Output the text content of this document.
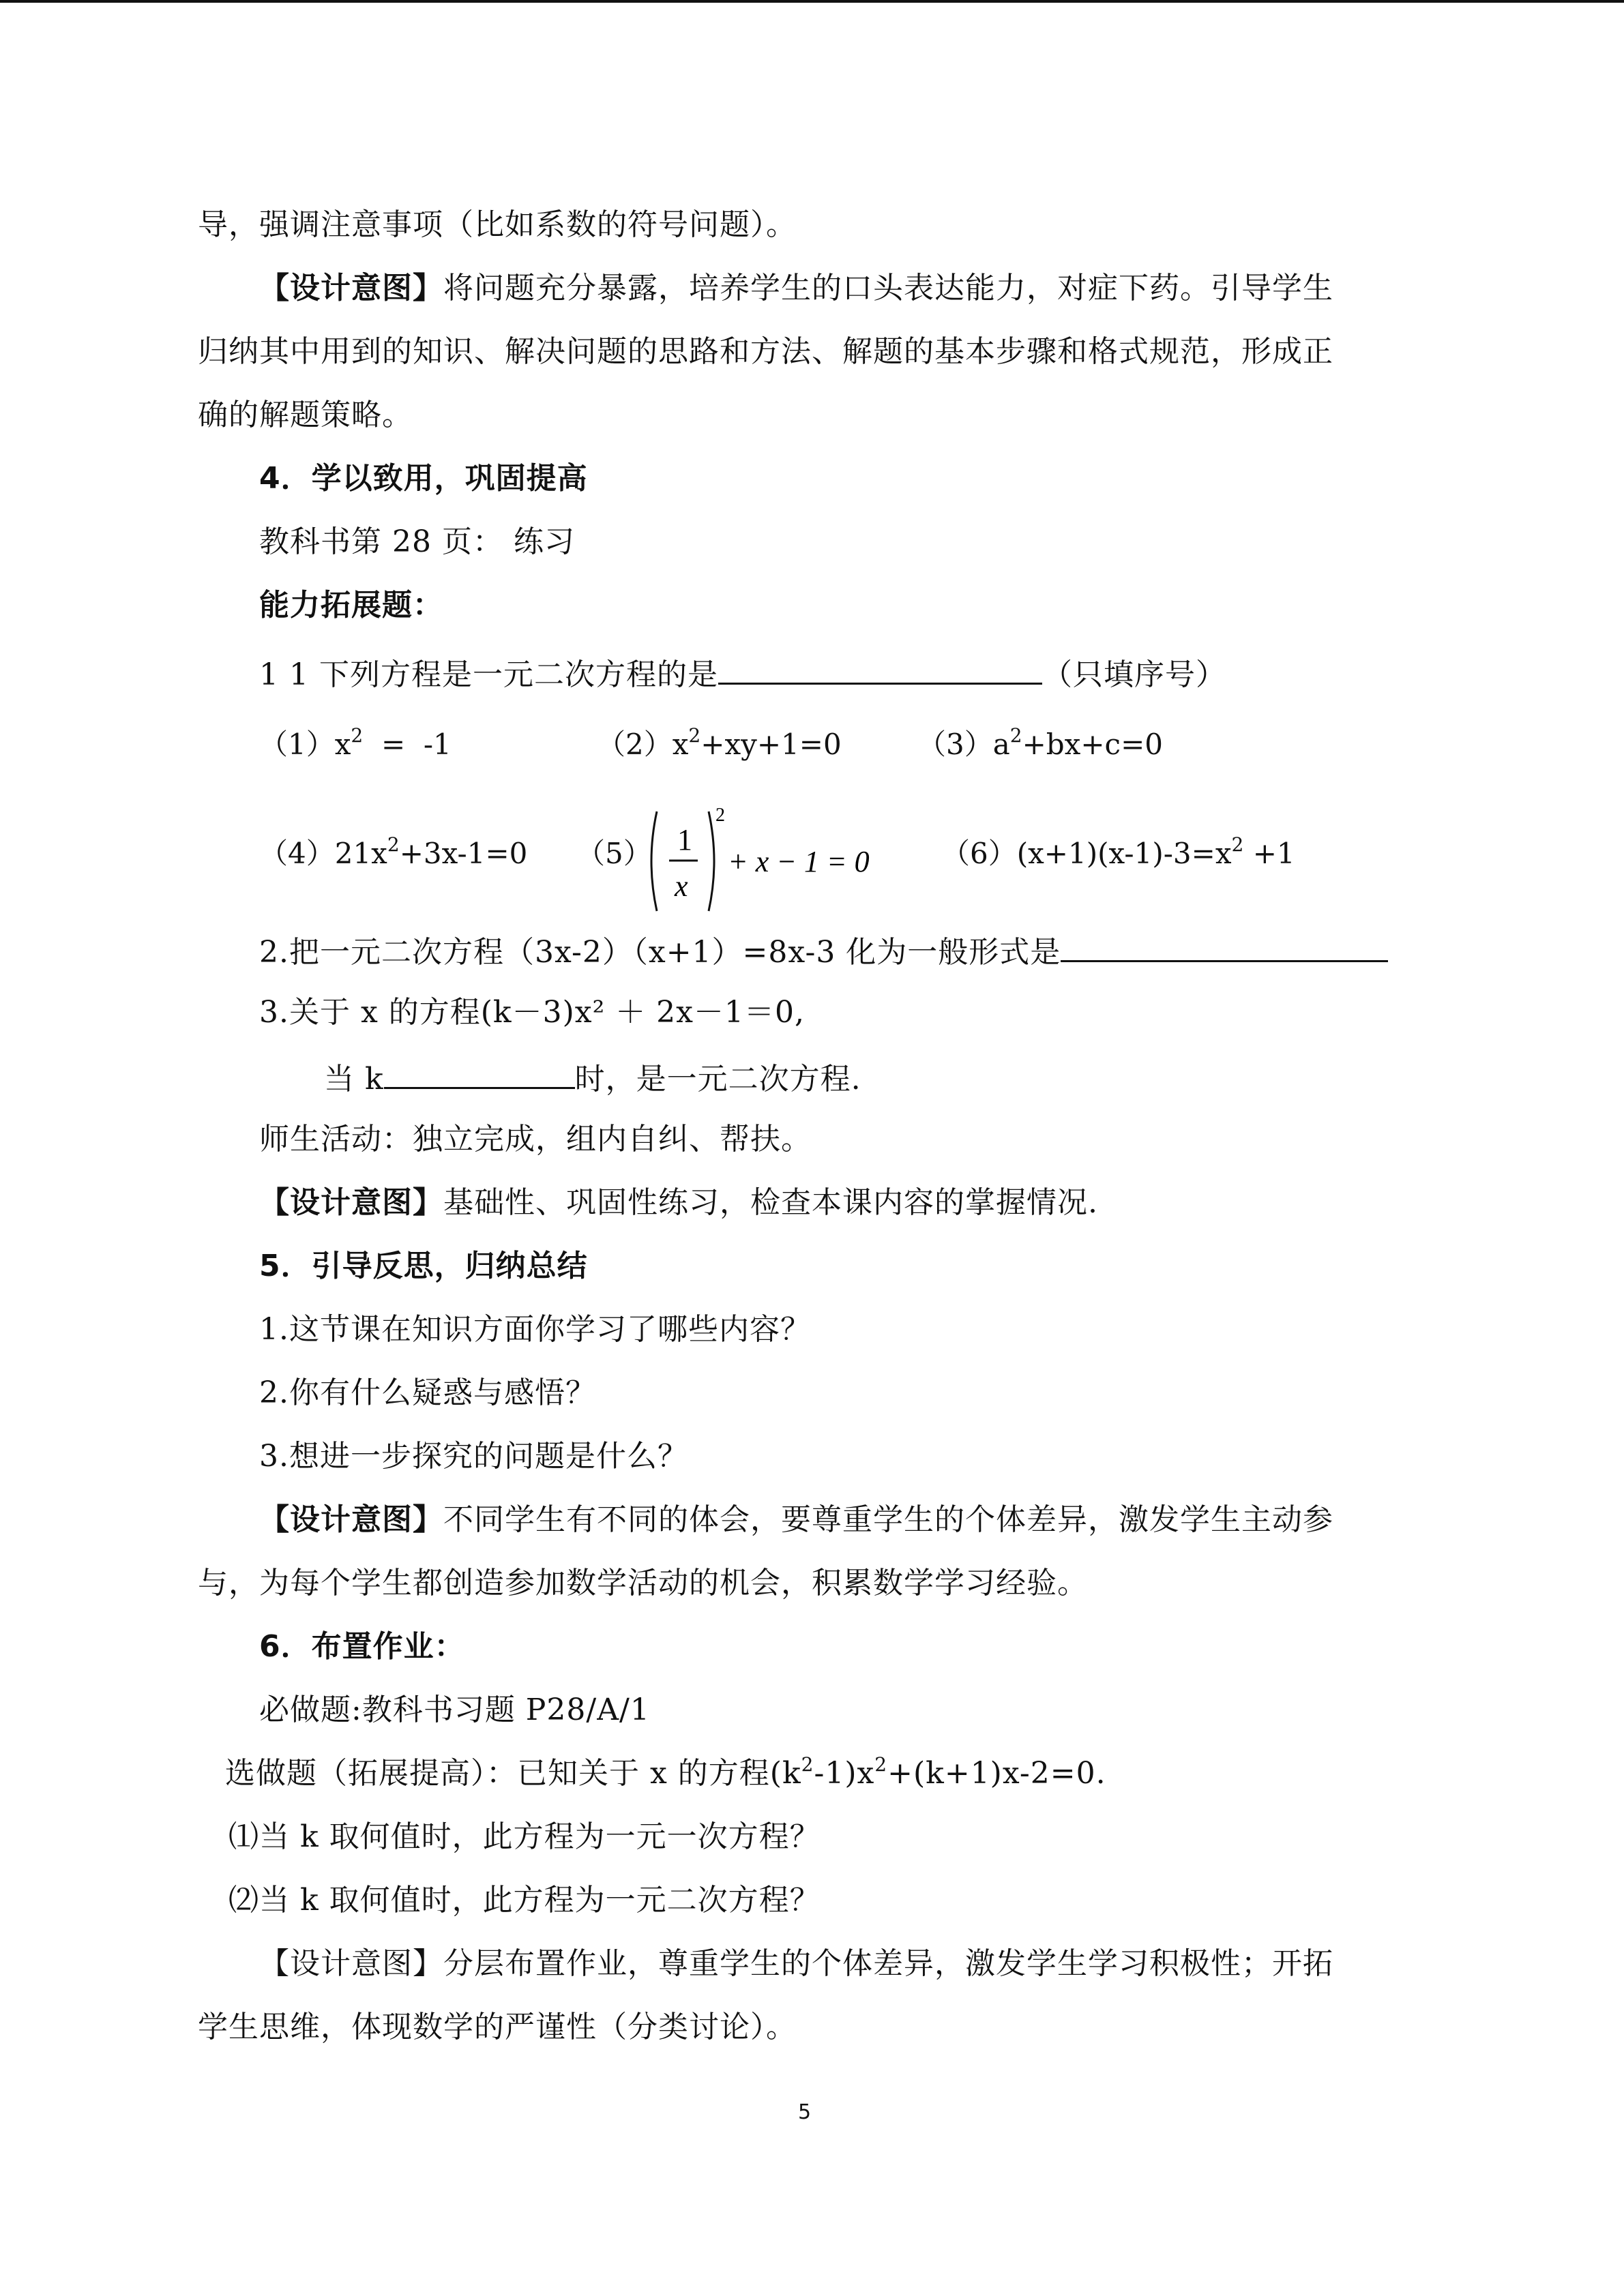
导，强调注意事项（比如系数的符号问题）。
【设计意图】将问题充分暴露，培养学生的口头表达能力，对症下药。引导学生
归纳其中用到的知识、解决问题的思路和方法、解题的基本步骤和格式规范，形成正
确的解题策略。
4．学以致用，巩固提高
教科书第 28 页： 练习
能力拓展题：
1 1 下列方程是一元二次方程的是	（只填序号）
$(1)x^2 = -1$	$(2)x^2+xy+1=0$	$(3)a^2+bx+c=0$
$(4)21x^2+3x-1=0$ （5） 1
x
2
+ x − 1 = 0	$(6)(x+1)(x-1)-3=x^2 +1$
2.把一元二次方程（3x-2）（x+1）=8x-3 化为一般形式是
3.关于 x 的方程(k－3)x² ＋ 2x－1＝0,
当 k	时，是一元二次方程.
师生活动：独立完成，组内自纠、帮扶。
【设计意图】基础性、巩固性练习，检查本课内容的掌握情况.
5．引导反思，归纳总结
1.这节课在知识方面你学习了哪些内容？
2.你有什么疑惑与感悟？
3.想进一步探究的问题是什么？
【设计意图】不同学生有不同的体会，要尊重学生的个体差异，激发学生主动参
与，为每个学生都创造参加数学活动的机会，积累数学学习经验。
6．布置作业：
必做题:教科书习题 P28/A/1
选做题（拓展提高）：已知关于 x 的方程$(k^2-1)x^2+(k+1)x-2=0$.
⑴当 k 取何值时，此方程为一元一次方程？
⑵当 k 取何值时，此方程为一元二次方程？
【设计意图】分层布置作业，尊重学生的个体差异，激发学生学习积极性；开拓
学生思维，体现数学的严谨性（分类讨论）。
5
